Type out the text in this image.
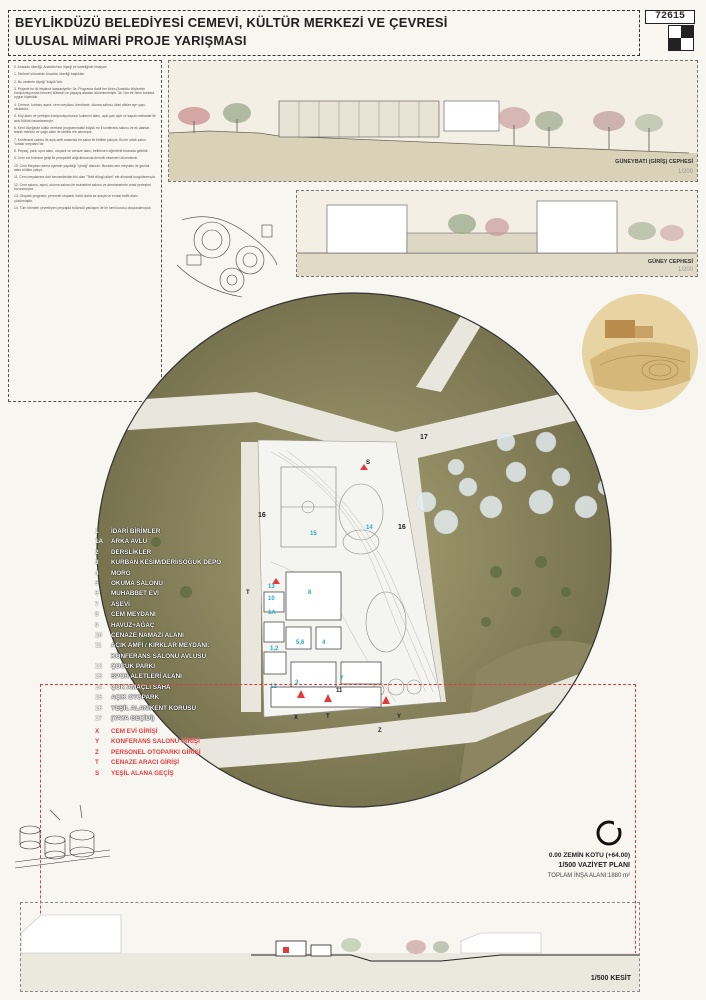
BEYLİKDÜZÜ BELEDİYESİ CEMEVİ, KÜLTÜR MERKEZİ VE ÇEVRESİ
ULUSAL MİMARİ PROJE YARIŞMASI
72615

0. Anadolu ökerliği, Anadolu'nun ölçeği ve sadeliğinin hissiyatı

1. Tarihsel sürecinde Anadolu ökerliği başlıkları

2. Bu nedenle ölçeği "küçük"dür.

3. Projede bu iki irtşalına hassasiyetle; 3a. Programa dahil her birim (Anadolu köylerinin kompozisyonuna benzer) kütlesel ve yaşayış alanları düzenlenmiştir. 3b. Her bir birim bunlara uygun ölçeklidir.

4. Cemevi, kurban, aşevi, cem meydanı, dershane, okuma salonu, idari ofisler ayrı yapı-okullardır.

5. Köy alanı ve yerleşim kompozisyonunun kullanım alanı, açık-yarı açık ve kapalı mekanlar ile avlu bütünü tasarlanmıştır.

6. Kent ölçeğinde kültür merkezi programındaki büyük m² li konferans salonu ve ek alanlar, teknik merkez ve çağrı alanı ile birlikte ele alınmıştır.

7. Konferans salonu ile açık amfi arasında bir salon ile birlikte çalışılır. Bu bir ortak salon "kırklar meydanı"dır.

8. Peyzaj, park, spor alanı, otopark ve cenaze alanı, belirlenen eğimlerle birarada getirildi.

9. Cem evi birimine girişi ile perspektif doğrultusunda derinlik eksenleri düzenlendi.

10. Cem Meydanı sema ayininin yapıldığı "çerağ" alanıdır. Burada cem meydanı ile gezinti alanı birlikte çalışır.

11. Cem meydanına dair kavramlardan biri olan "Tekil döngü alanı" ele alınarak kurgulanmıştır.

12. Cem salonu, aşevi, okuma salonu ile muhabbet salonu ve dershanelerle ortak yerleşimi korunmuştur.

13. Otopark programı; personel otoparkı harici daha az araçla ve emsal trafik alanı çözülmüştür.

14. Tüm birimleri çevreleyen peyzajda bütüncül yaklaşım ile bir kent korusu oluşturulmuştur.

GÜNEYBATI (GİRİŞ) CEPHESİ
1/200
GÜNEY CEPHESİ
1/200
16
16
17
15
14
8
5,6	4
1,2
1A
10
13
12
3
7
11
X	Y
Z
T
S
T
1	İDARİ BİRİMLER
1A	ARKA AVLU
2	DERSLİKLER
3	KURBAN KESİM/DERİ/SOĞUK DEPO
4	MORG
5	OKUMA SALONU
6	MUHABBET EVİ
7	AŞEVİ
8	CEM MEYDANI
9	HAVUZ+AĞAÇ
10	CENAZE NAMAZI ALANI
11	AÇIK AMFİ / KIRKLAR MEYDANI:
KONFERANS SALONU AVLUSU
12	ÇOCUK PARKI
13	SPOR ALETLERİ ALANI
14	ÇOK AMAÇLI SAHA
15	AÇIK OTOPARK
16	YEŞİL ALAN/KENT KORUSU
17	(YAYA GEÇİDİ)
X	CEM EVİ GİRİŞİ
Y	KONFERANS SALONU GİRİŞİ
Z	PERSONEL OTOPARKI GİRİŞİ
T	CENAZE ARACI GİRİŞİ
S	YEŞİL ALANA GEÇİŞ
0.00 ZEMİN KOTU (+64.00)
1/500 VAZİYET PLANI
TOPLAM İNŞA ALANI:1880 m²
1/500 KESİT
